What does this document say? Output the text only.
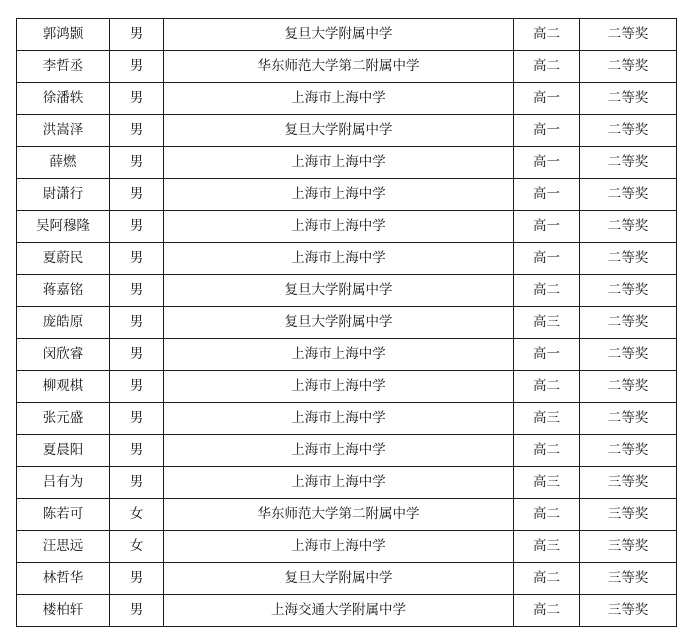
郭鸿颢	男	复旦大学附属中学	高二	二等奖
李哲丞	男	华东师范大学第二附属中学	高二	二等奖
徐潘轶	男	上海市上海中学	高一	二等奖
洪嵩泽	男	复旦大学附属中学	高一	二等奖
薛燃	男	上海市上海中学	高一	二等奖
尉潇行	男	上海市上海中学	高一	二等奖
吴阿穆隆	男	上海市上海中学	高一	二等奖
夏蔚民	男	上海市上海中学	高一	二等奖
蒋嘉铭	男	复旦大学附属中学	高二	二等奖
庞皓原	男	复旦大学附属中学	高三	二等奖
闵欣睿	男	上海市上海中学	高一	二等奖
柳观棋	男	上海市上海中学	高二	二等奖
张元盛	男	上海市上海中学	高三	二等奖
夏晨阳	男	上海市上海中学	高二	二等奖
吕有为	男	上海市上海中学	高三	三等奖
陈若可	女	华东师范大学第二附属中学	高二	三等奖
汪思远	女	上海市上海中学	高三	三等奖
林哲华	男	复旦大学附属中学	高二	三等奖
楼柏轩	男	上海交通大学附属中学	高二	三等奖
